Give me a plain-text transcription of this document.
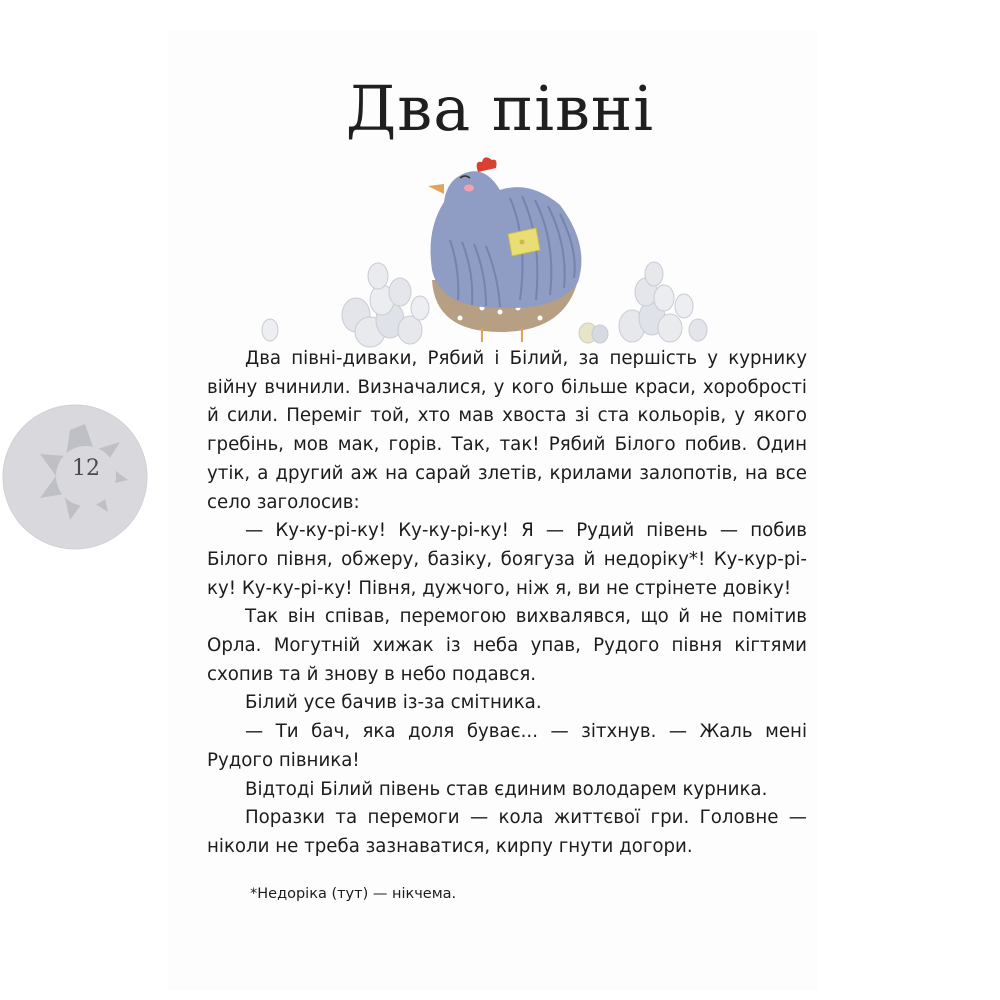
Два півні

Два півні-диваки, Рябий і Білий, за першість у курнику війну вчинили. Визначалися, у кого більше краси, хоробрості й сили. Переміг той, хто мав хвоста зі ста кольорів, у якого гребінь, мов мак, горів. Так, так! Рябий Білого побив. Один утік, а другий аж на сарай злетів, крилами залопотів, на все село заголосив:

— Ку-ку-рі-ку! Ку-ку-рі-ку! Я — Рудий півень — побив Білого півня, обжеру, базіку, боягуза й недоріку*! Ку-кур-рі-ку! Ку-ку-рі-ку! Півня, дужчого, ніж я, ви не стрінете довіку!

Так він співав, перемогою вихвалявся, що й не помітив Орла. Могутній хижак із неба упав, Рудого півня кігтями схопив та й знову в небо подався.

Білий усе бачив із-за смітника.

— Ти бач, яка доля буває... — зітхнув. — Жаль мені Рудого півника!

Відтоді Білий півень став єдиним володарем курника.

Поразки та перемоги — кола життєвої гри. Головне — ніколи не треба зазнаватися, кирпу гнути догори.

*Недоріка (тут) — нікчема.
12
